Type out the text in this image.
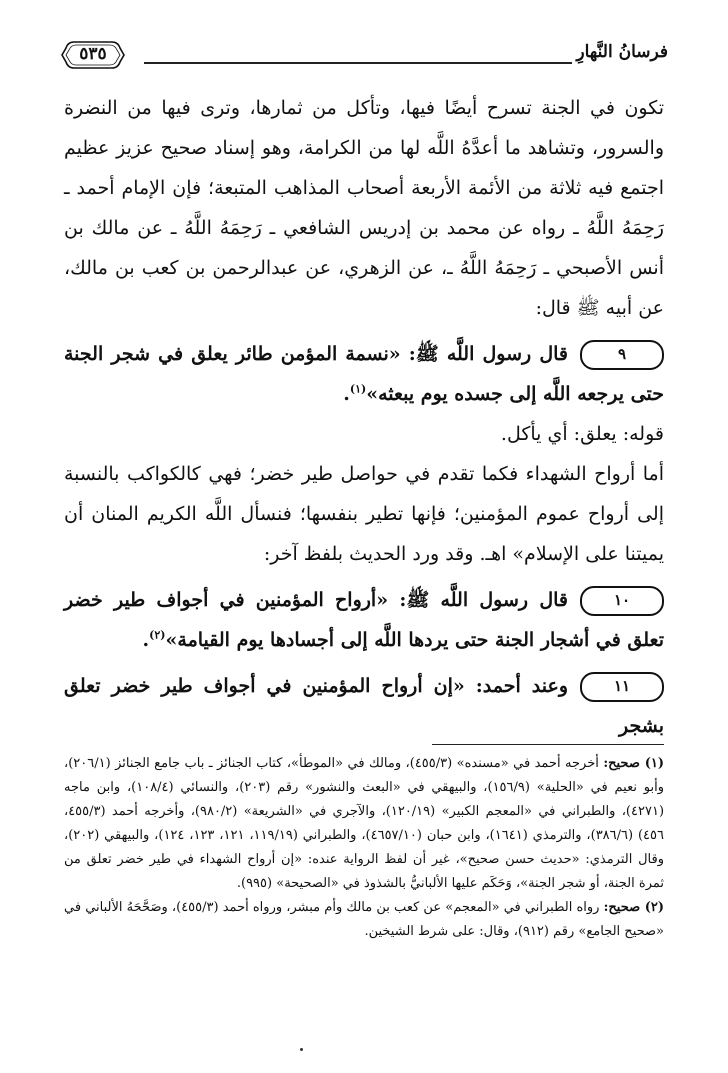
فرسانُ النَّهارِ
٥٣٥

تكون في الجنة تسرح أيضًا فيها، وتأكل من ثمارها، وترى فيها من النضرة والسرور، وتشاهد ما أعدَّهُ اللَّه لها من الكرامة، وهو إسناد صحيح عزيز عظيم اجتمع فيه ثلاثة من الأئمة الأربعة أصحاب المذاهب المتبعة؛ فإن الإمام أحمد ـ رَحِمَهُ اللَّهُ ـ رواه عن محمد بن إدريس الشافعي ـ رَحِمَهُ اللَّهُ ـ عن مالك بن أنس الأصبحي ـ رَحِمَهُ اللَّهُ ـ، عن الزهري، عن عبدالرحمن بن كعب بن مالك، عن أبيه ﷺ قال:

٩قال رسول اللَّه ﷺ: «نسمة المؤمن طائر يعلق في شجر الجنة حتى يرجعه اللَّه إلى جسده يوم يبعثه»$^{(١)}$.

قوله: يعلق: أي يأكل.

أما أرواح الشهداء فكما تقدم في حواصل طير خضر؛ فهي كالكواكب بالنسبة إلى أرواح عموم المؤمنين؛ فإنها تطير بنفسها؛ فنسأل اللَّه الكريم المنان أن يميتنا على الإسلام» اهـ. وقد ورد الحديث بلفظ آخر:

١٠قال رسول اللَّه ﷺ: «أرواح المؤمنين في أجواف طير خضر تعلق في أشجار الجنة حتى يردها اللَّه إلى أجسادها يوم القيامة»$^{(٢)}$.

١١وعند أحمد: «إن أرواح المؤمنين في أجواف طير خضر تعلق بشجر

(١) صحيح: أخرجه أحمد في «مسنده» (٤٥٥/٣)، ومالك في «الموطأ»، كتاب الجنائز ـ باب جامع الجنائز (٢٠٦/١)، وأبو نعيم في «الحلية» (١٥٦/٩)، والبيهقي في «البعث والنشور» رقم (٢٠٣)، والنسائي (١٠٨/٤)، وابن ماجه (٤٢٧١)، والطبراني في «المعجم الكبير» (١٢٠/١٩)، والآجري في «الشريعة» (٩٨٠/٢)، وأخرجه أحمد (٤٥٥/٣، ٤٥٦) (٣٨٦/٦)، والترمذي (١٦٤١)، وابن حبان (٤٦٥٧/١٠)، والطبراني (١١٩/١٩، ١٢١، ١٢٣، ١٢٤)، والبيهقي (٢٠٢)، وقال الترمذي: «حديث حسن صحيح»، غير أن لفظ الرواية عنده: «إن أرواح الشهداء في طير خضر تعلق من ثمرة الجنة، أو شجر الجنة»، وَحَكَم عليها الألبانيُّ بالشذوذ في «الصحيحة» (٩٩٥).

(٢) صحيح: رواه الطبراني في «المعجم» عن كعب بن مالك وأم مبشر، ورواه أحمد (٤٥٥/٣)، وصَحَّحَهُ الألباني في «صحيح الجامع» رقم (٩١٢)، وقال: على شرط الشيخين.
